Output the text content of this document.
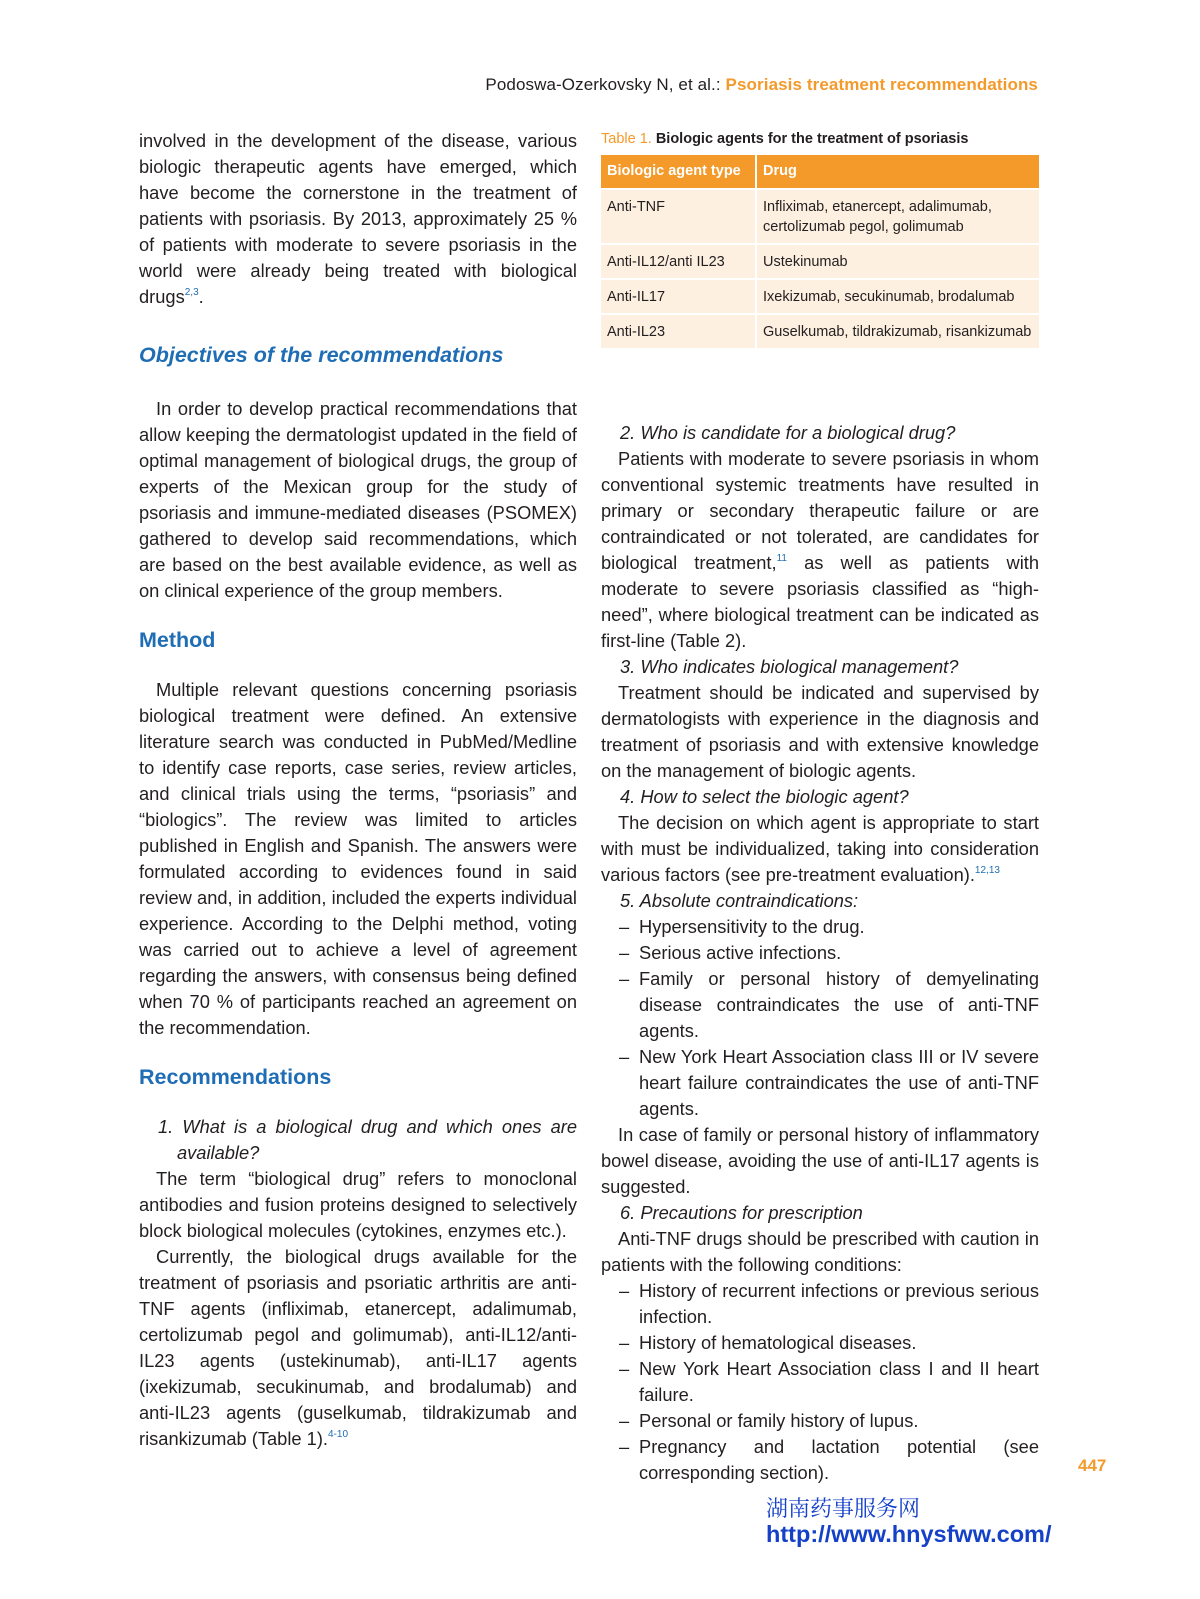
Podoswa-Ozerkovsky N, et al.: Psoriasis treatment recommendations

involved in the development of the disease, various biologic therapeutic agents have emerged, which have become the cornerstone in the treatment of patients with psoriasis. By 2013, approximately 25 % of patients with moderate to severe psoriasis in the world were already being treated with biological drugs$^{2,3}$.

Objectives of the recommendations

In order to develop practical recommendations that allow keeping the dermatologist updated in the field of optimal management of biological drugs, the group of experts of the Mexican group for the study of psoriasis and immune-mediated diseases (PSOMEX) gathered to develop said recommendations, which are based on the best available evidence, as well as on clinical experience of the group members.

Method

Multiple relevant questions concerning psoriasis biological treatment were defined. An extensive literature search was conducted in PubMed/Medline to identify case reports, case series, review articles, and clinical trials using the terms, “psoriasis” and “biologics”. The review was limited to articles published in English and Spanish. The answers were formulated according to evidences found in said review and, in addition, included the experts individual experience. According to the Delphi method, voting was carried out to achieve a level of agreement regarding the answers, with consensus being defined when 70 % of participants reached an agreement on the recommendation.

Recommendations

1. What is a biological drug and which ones are available?

The term “biological drug” refers to monoclonal antibodies and fusion proteins designed to selectively block biological molecules (cytokines, enzymes etc.).

Currently, the biological drugs available for the treatment of psoriasis and psoriatic arthritis are anti-TNF agents (infliximab, etanercept, adalimumab, certolizumab pegol and golimumab), anti-IL12/anti-IL23 agents (ustekinumab), anti-IL17 agents (ixekizumab, secukinumab, and brodalumab) and anti-IL23 agents (guselkumab, tildrakizumab and risankizumab (Table 1).$^{4-10}$

Table 1. Biologic agents for the treatment of psoriasis
Biologic agent type	Drug
Anti-TNF	Infliximab, etanercept, adalimumab, certolizumab pegol, golimumab
Anti-IL12/anti IL23	Ustekinumab
Anti-IL17	Ixekizumab, secukinumab, brodalumab
Anti-IL23	Guselkumab, tildrakizumab, risankizumab

2. Who is candidate for a biological drug?

Patients with moderate to severe psoriasis in whom conventional systemic treatments have resulted in primary or secondary therapeutic failure or are contraindicated or not tolerated, are candidates for biological treatment,$^{11}$ as well as patients with moderate to severe psoriasis classified as “high-need”, where biological treatment can be indicated as first-line (Table 2).

3. Who indicates biological management?

Treatment should be indicated and supervised by dermatologists with experience in the diagnosis and treatment of psoriasis and with extensive knowledge on the management of biologic agents.

4. How to select the biologic agent?

The decision on which agent is appropriate to start with must be individualized, taking into consideration various factors (see pre-treatment evaluation).$^{12,13}$

5. Absolute contraindications:

– Hypersensitivity to the drug.
– Serious active infections.
– Family or personal history of demyelinating disease contraindicates the use of anti-TNF agents.
– New York Heart Association class III or IV severe heart failure contraindicates the use of anti-TNF agents.

In case of family or personal history of inflammatory bowel disease, avoiding the use of anti-IL17 agents is suggested.

6. Precautions for prescription

Anti-TNF drugs should be prescribed with caution in patients with the following conditions:

– History of recurrent infections or previous serious infection.
– History of hematological diseases.
– New York Heart Association class I and II heart failure.
– Personal or family history of lupus.
– Pregnancy and lactation potential (see corresponding section).	447
湖南药事服务网
http://www.hnysfww.com/
